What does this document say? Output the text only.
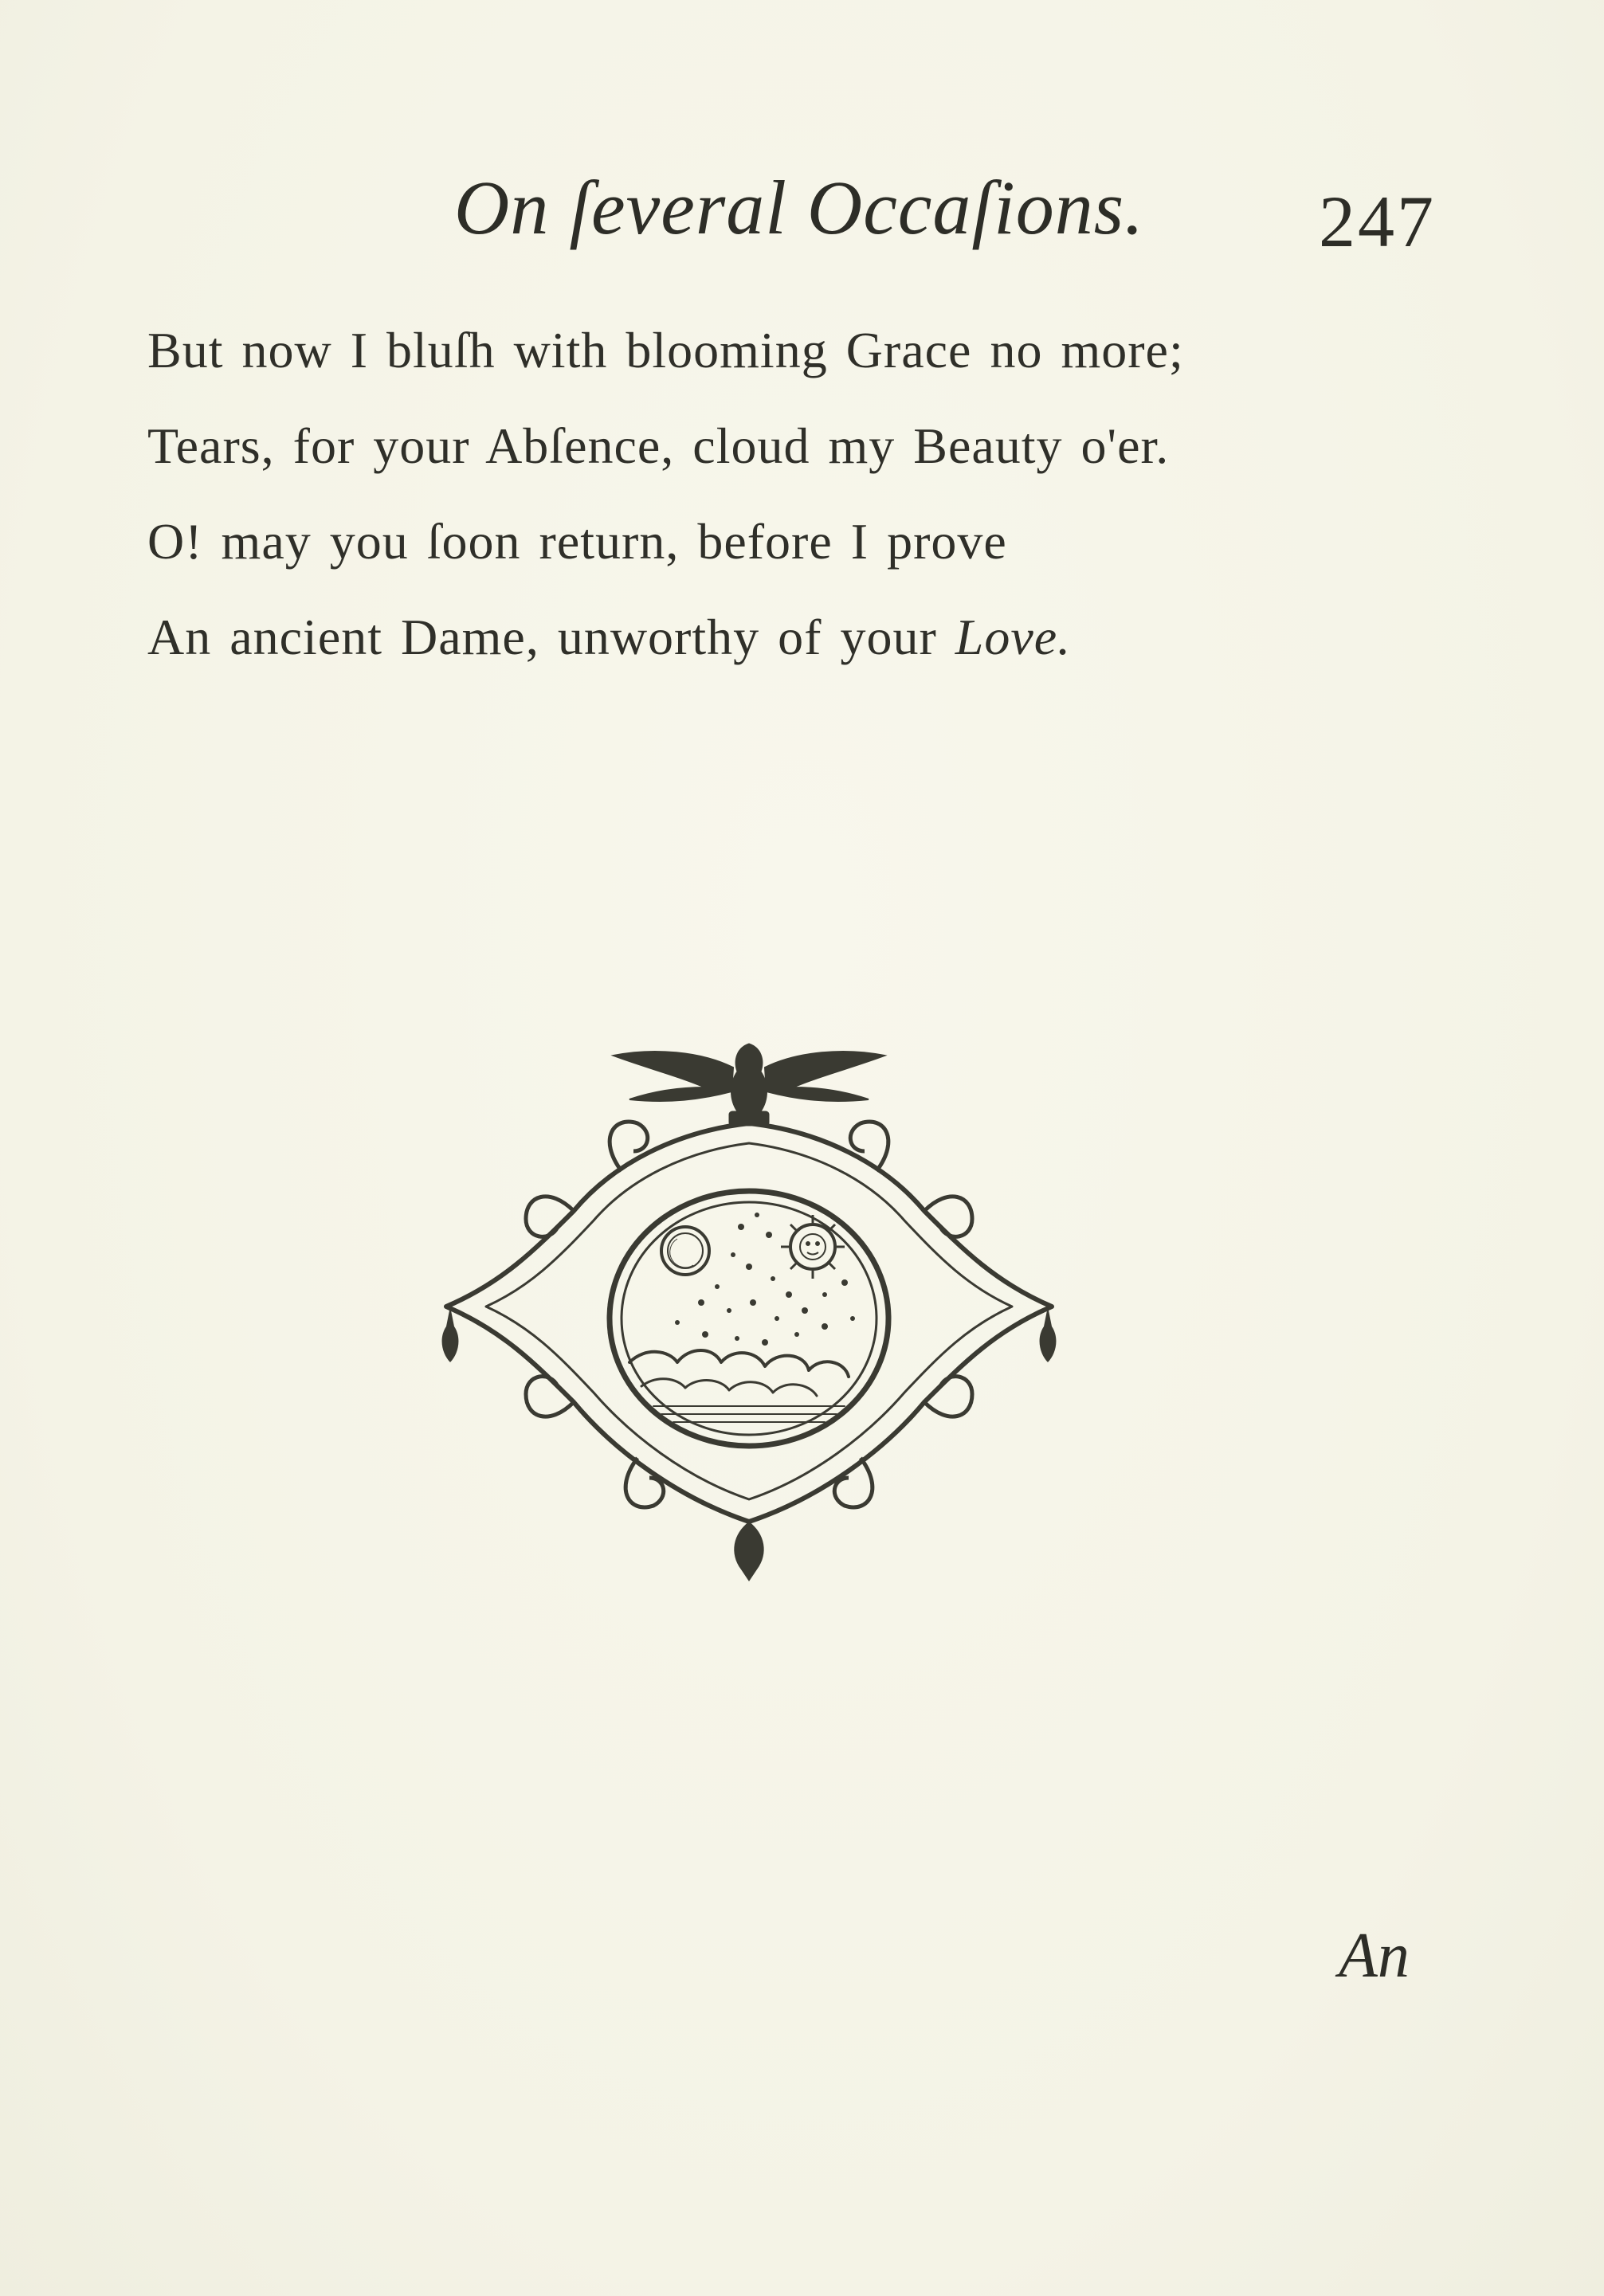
On ſeveral Occaſions. 247
But now I bluſh with blooming Grace no more;
Tears, for your Abſence, cloud my Beauty o'er.
O! may you ſoon return, before I prove
An ancient Dame, unworthy of your Love.
An
